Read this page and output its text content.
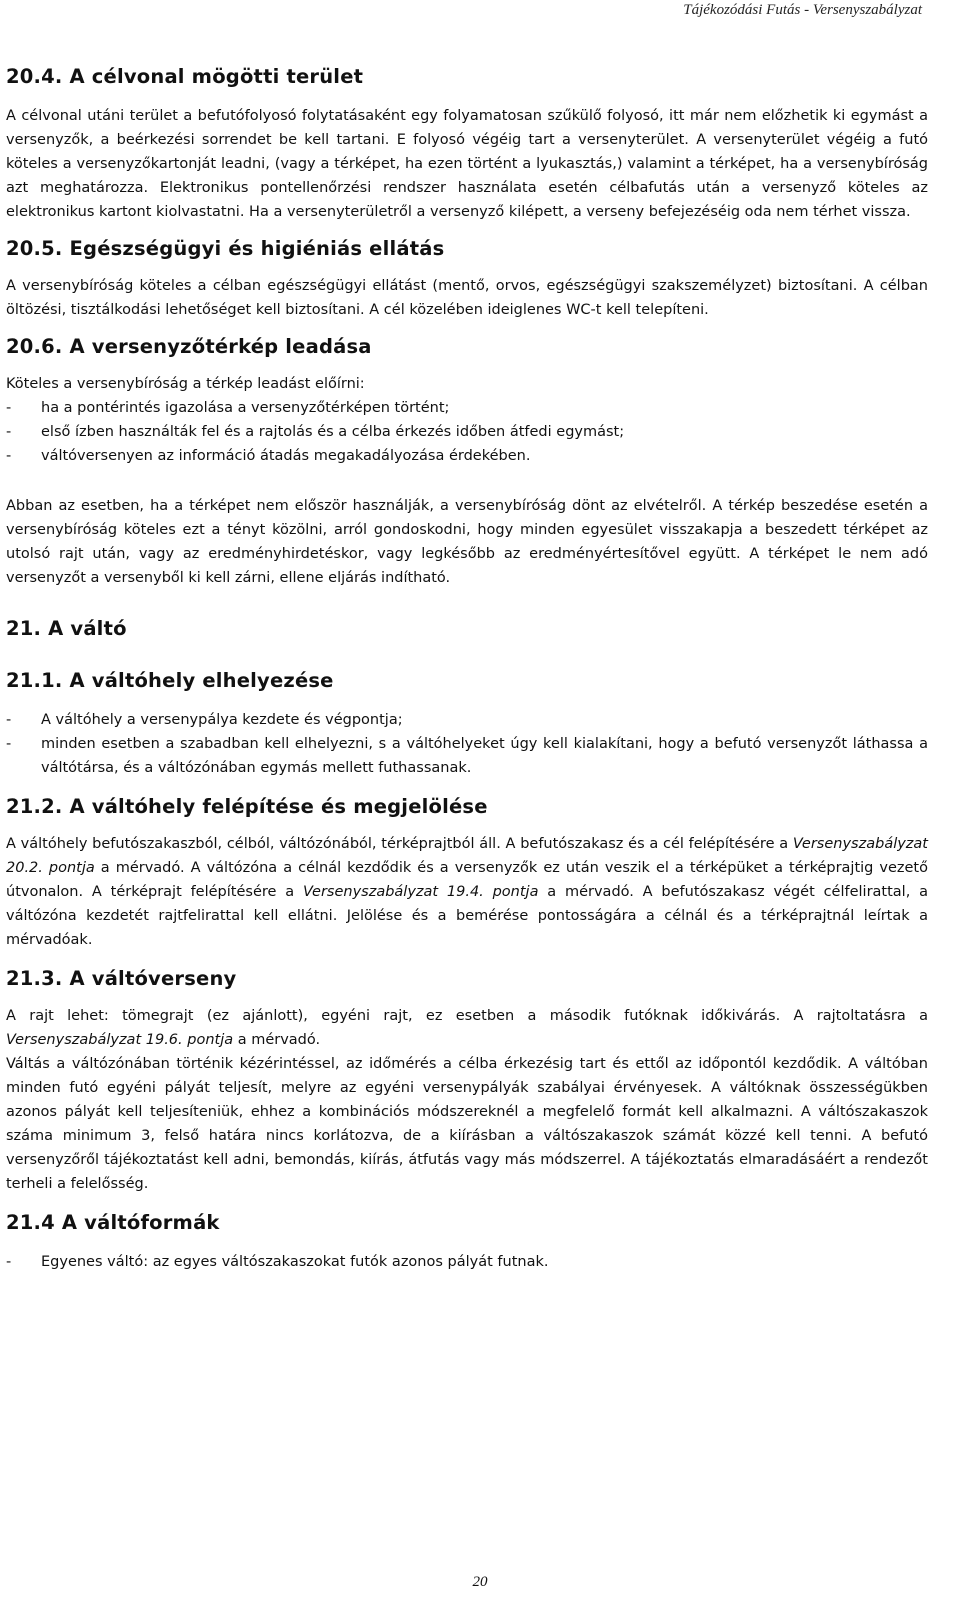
Tájékozódási Futás - Versenyszabályzat
20.4. A célvonal mögötti terület

A célvonal utáni terület a befutófolyosó folytatásaként egy folyamatosan szűkülő folyosó, itt már nem előzhetik ki egymást a versenyzők, a beérkezési sorrendet be kell tartani. E folyosó végéig tart a versenyterület. A versenyterület végéig a futó köteles a versenyzőkartonját leadni, (vagy a térképet, ha ezen történt a lyukasztás,) valamint a térképet, ha a versenybíróság azt meghatározza. Elektronikus pontellenőrzési rendszer használata esetén célbafutás után a versenyző köteles az elektronikus kartont kiolvastatni. Ha a versenyterületről a versenyző kilépett, a verseny befejezéséig oda nem térhet vissza.

20.5. Egészségügyi és higiéniás ellátás

A versenybíróság köteles a célban egészségügyi ellátást (mentő, orvos, egészségügyi szakszemélyzet) biztosítani. A célban öltözési, tisztálkodási lehetőséget kell biztosítani. A cél közelében ideiglenes WC-t kell telepíteni.

20.6. A versenyzőtérkép leadása

Köteles a versenybíróság a térkép leadást előírni:

- ha a pontérintés igazolása a versenyzőtérképen történt;
- első ízben használták fel és a rajtolás és a célba érkezés időben átfedi egymást;
- váltóversenyen az információ átadás megakadályozása érdekében.

Abban az esetben, ha a térképet nem először használják, a versenybíróság dönt az elvételről. A térkép beszedése esetén a versenybíróság köteles ezt a tényt közölni, arról gondoskodni, hogy minden egyesület visszakapja a beszedett térképet az utolsó rajt után, vagy az eredményhirdetéskor, vagy legkésőbb az eredményértesítővel együtt. A térképet le nem adó versenyzőt a versenyből ki kell zárni, ellene eljárás indítható.

21. A váltó
21.1. A váltóhely elhelyezése
- A váltóhely a versenypálya kezdete és végpontja;
- minden esetben a szabadban kell elhelyezni, s a váltóhelyeket úgy kell kialakítani, hogy a befutó versenyzőt láthassa a váltótársa, és a váltózónában egymás mellett futhassanak.
21.2. A váltóhely felépítése és megjelölése

A váltóhely befutószakaszból, célból, váltózónából, térképrajtból áll. A befutószakasz és a cél felépítésére a Versenyszabályzat 20.2. pontja a mérvadó. A váltózóna a célnál kezdődik és a versenyzők ez után veszik el a térképüket a térképrajtig vezető útvonalon. A térképrajt felépítésére a Versenyszabályzat 19.4. pontja a mérvadó. A befutószakasz végét célfelirattal, a váltózóna kezdetét rajtfelirattal kell ellátni. Jelölése és a bemérése pontosságára a célnál és a térképrajtnál leírtak a mérvadóak.

21.3. A váltóverseny

A rajt lehet: tömegrajt (ez ajánlott), egyéni rajt, ez esetben a második futóknak időkivárás. A rajtoltatásra a Versenyszabályzat 19.6. pontja a mérvadó.

Váltás a váltózónában történik kézérintéssel, az időmérés a célba érkezésig tart és ettől az időpontól kezdődik. A váltóban minden futó egyéni pályát teljesít, melyre az egyéni versenypályák szabályai érvényesek. A váltóknak összességükben azonos pályát kell teljesíteniük, ehhez a kombinációs módszereknél a megfelelő formát kell alkalmazni. A váltószakaszok száma minimum 3, felső határa nincs korlátozva, de a kiírásban a váltószakaszok számát közzé kell tenni. A befutó versenyzőről tájékoztatást kell adni, bemondás, kiírás, átfutás vagy más módszerrel. A tájékoztatás elmaradásáért a rendezőt terheli a felelősség.

21.4 A váltóformák
- Egyenes váltó: az egyes váltószakaszokat futók azonos pályát futnak.
20
